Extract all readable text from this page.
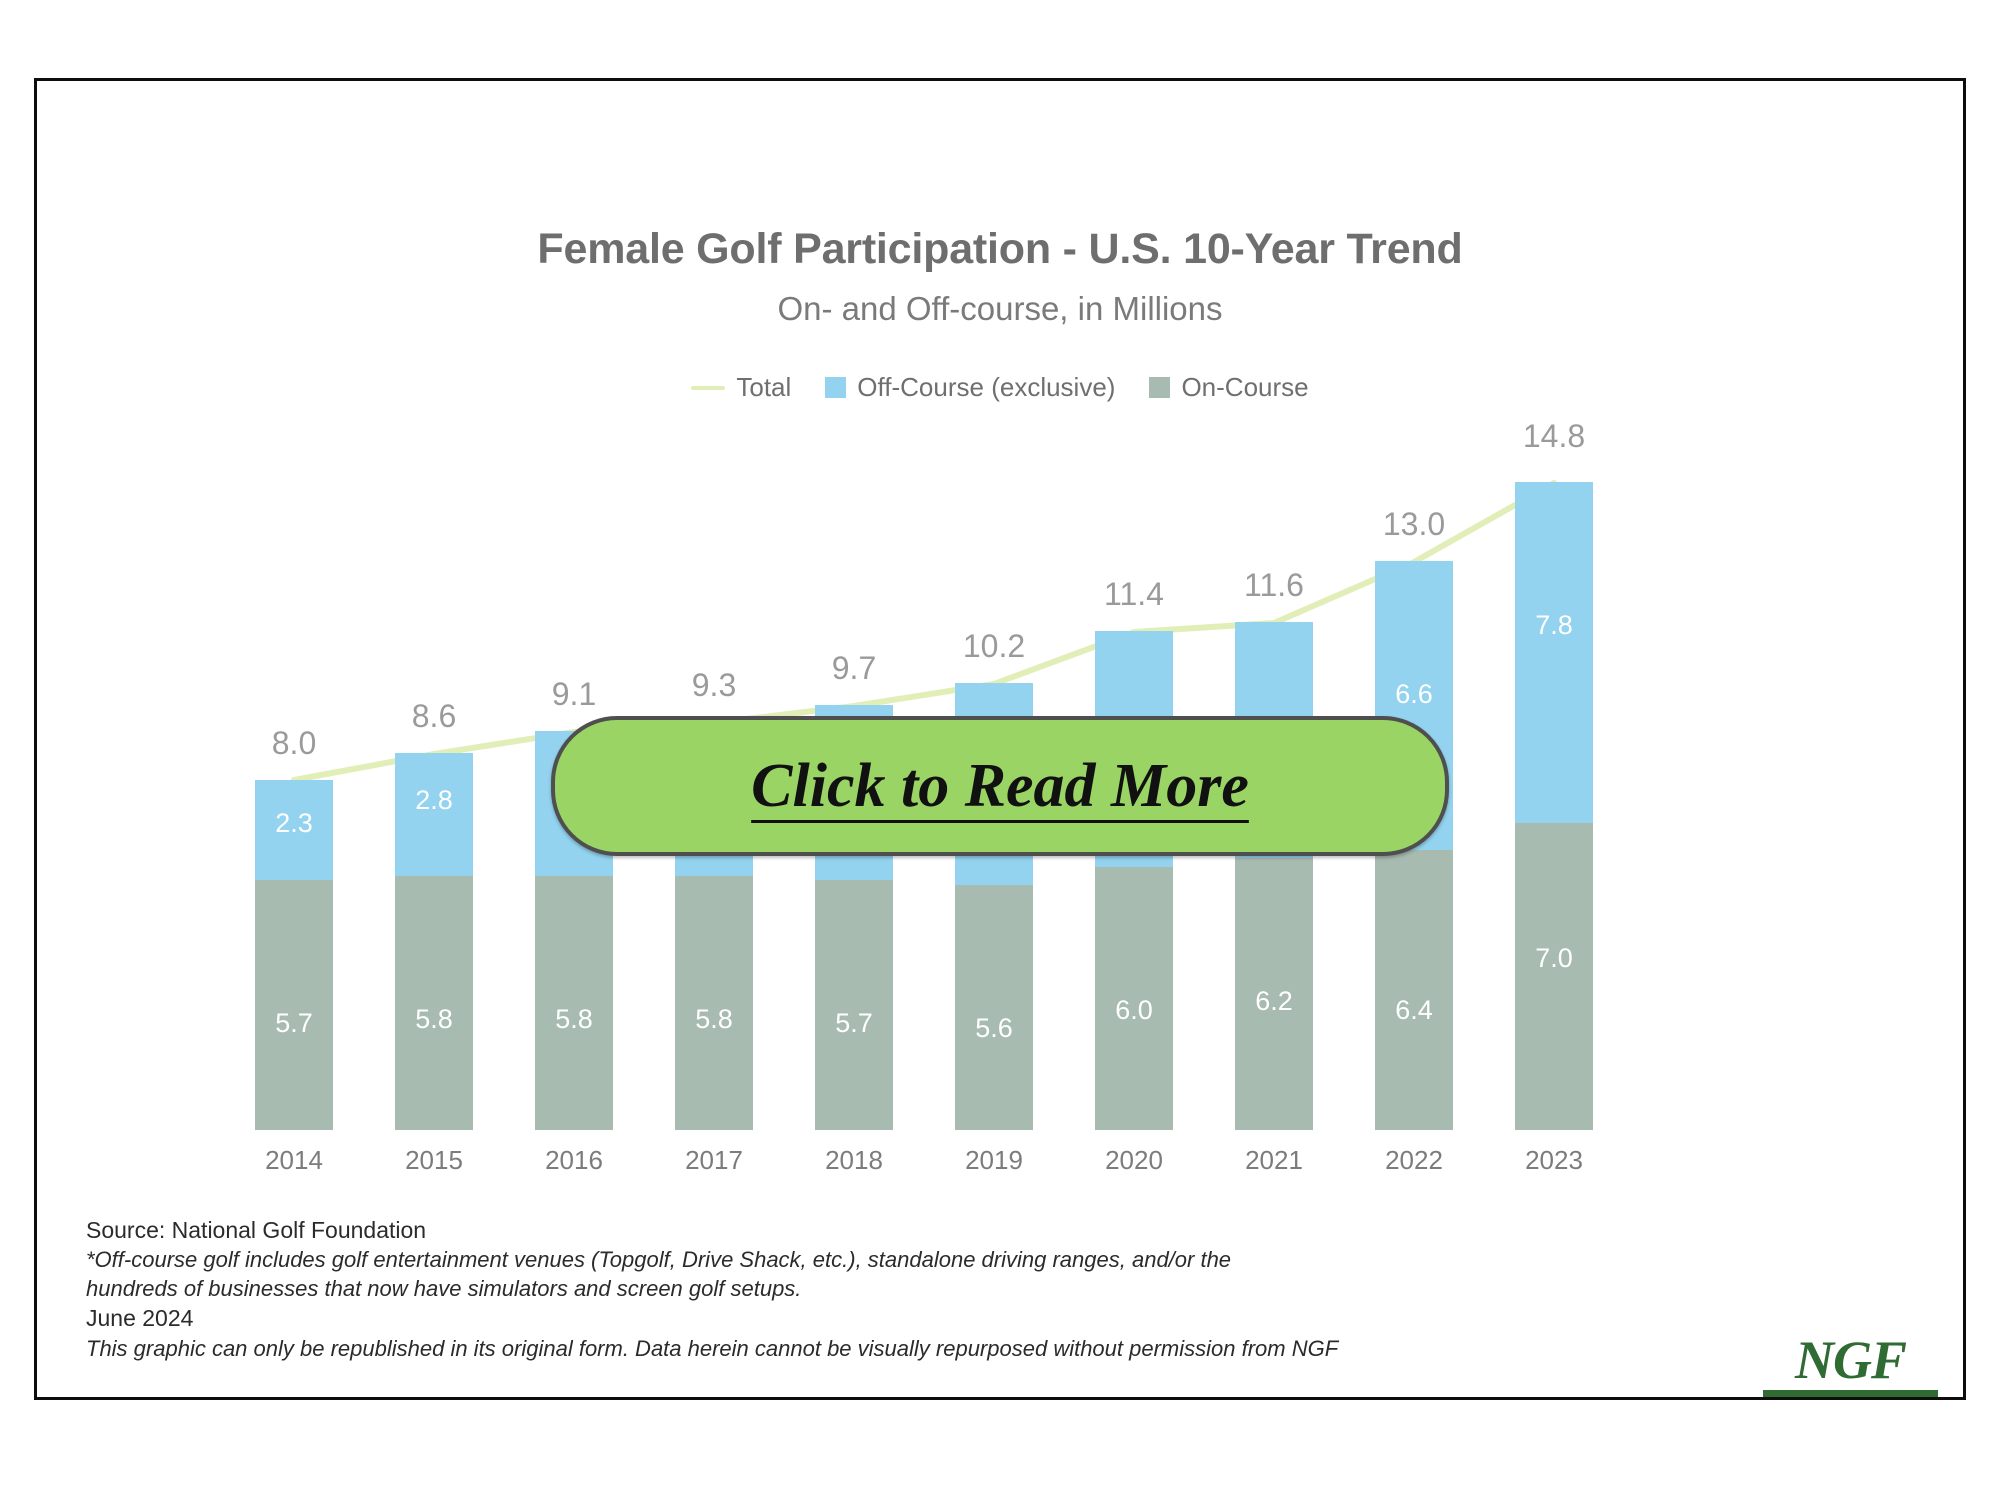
Female Golf Participation - U.S. 10-Year Trend
On- and Off-course, in Millions
Total	Off-Course (exclusive)	On-Course
2.3
5.7
8.0
2014
2.8
5.8
8.6
2015
5.8
9.1
2016
5.8
9.3
2017
5.7
9.7
2018
5.6
10.2
2019
6.0
11.4
2020
6.2
11.6
2021
6.6
6.4
13.0
2022
7.8
7.0
14.8
2023
Click to Read More
Source: National Golf Foundation
*Off-course golf includes golf entertainment venues (Topgolf, Drive Shack, etc.), standalone driving ranges, and/or the
hundreds of businesses that now have simulators and screen golf setups.
June 2024
This graphic can only be republished in its original form. Data herein cannot be visually repurposed without permission from NGF	NGF
